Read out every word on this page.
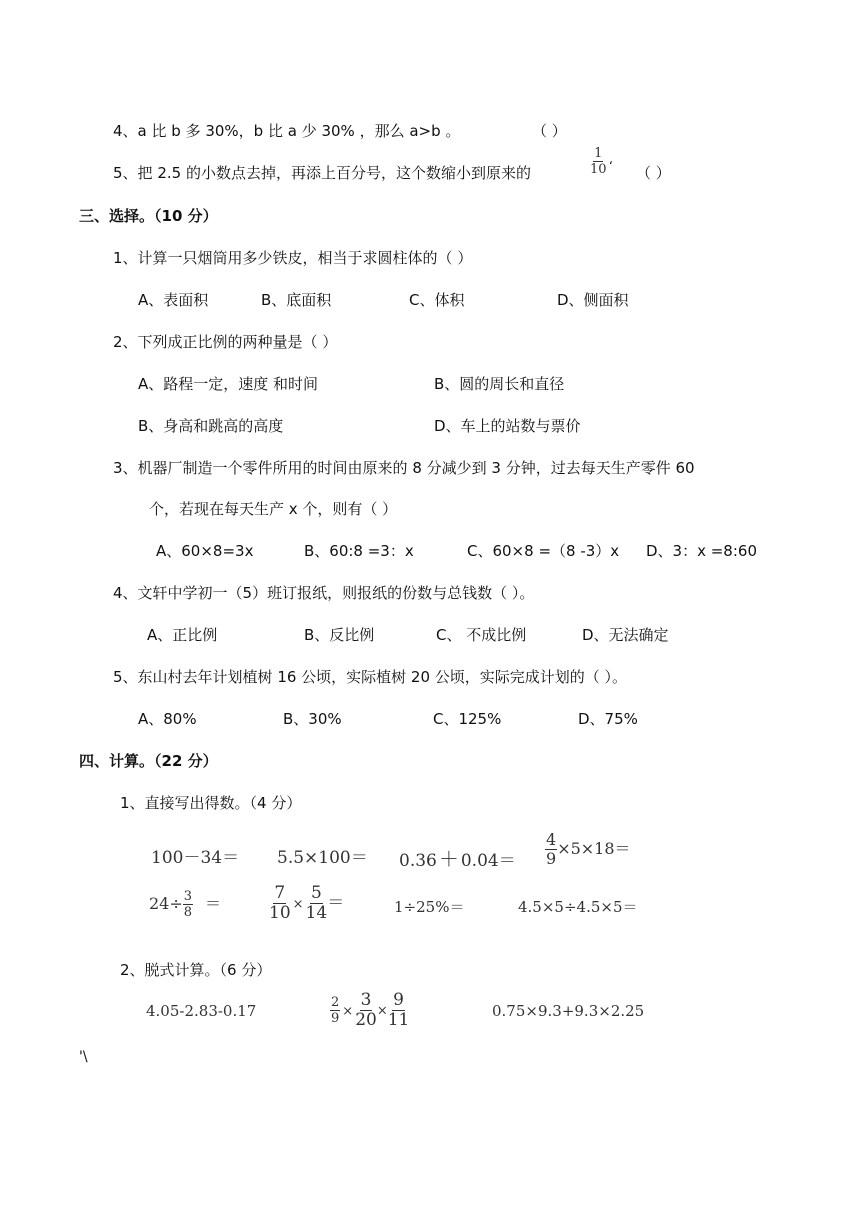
4、a 比 b 多 30%，b 比 a 少 30% ，那么 a>b 。	（ ）
5、把 2.5 的小数点去掉，再添上百分号，这个数缩小到原来的	$\frac{1}{10}$ ‘ （ ）
三、选择。（10 分）
1、计算一只烟筒用多少铁皮，相当于求圆柱体的（ ）
A、表面积	B、底面积	C、体积	D、侧面积
2、下列成正比例的两种量是（ ）
A、路程一定，速度 和时间	B、圆的周长和直径
B、身高和跳高的高度	D、车上的站数与票价
3、机器厂制造一个零件所用的时间由原来的 8 分减少到 3 分钟，过去每天生产零件 60
个，若现在每天生产 x 个，则有（ ）
A、60×8=3x	B、60:8 =3：x	C、60×8 =（8 -3）x D、3：x =8:60
4、文轩中学初一（5）班订报纸，则报纸的份数与总钱数（ ）。
A、正比例	B、反比例	C、 不成比例	D、无法确定
5、东山村去年计划植树 16 公顷，实际植树 20 公顷，实际完成计划的（ ）。
A、80%	B、30%	C、125%	D、75%
四、计算。（22 分）
1、直接写出得数。（4 分）
$100-34= 5.5\times 100= 0.36 + 0.04= \frac{4}{9} \times 5\times 18=$
$24\div \frac{3}{8}$ ＝	$\frac{7}{10} \times \frac{5}{14}$ ＝	1÷25%＝	4.5×5÷4.5×5＝
2、脱式计算。（6 分）
4.05-2.83-0.17	$\frac{2}{9} \times \frac{3}{20} \times \frac{9}{11}$	0.75×9.3+9.3×2.25
'\
